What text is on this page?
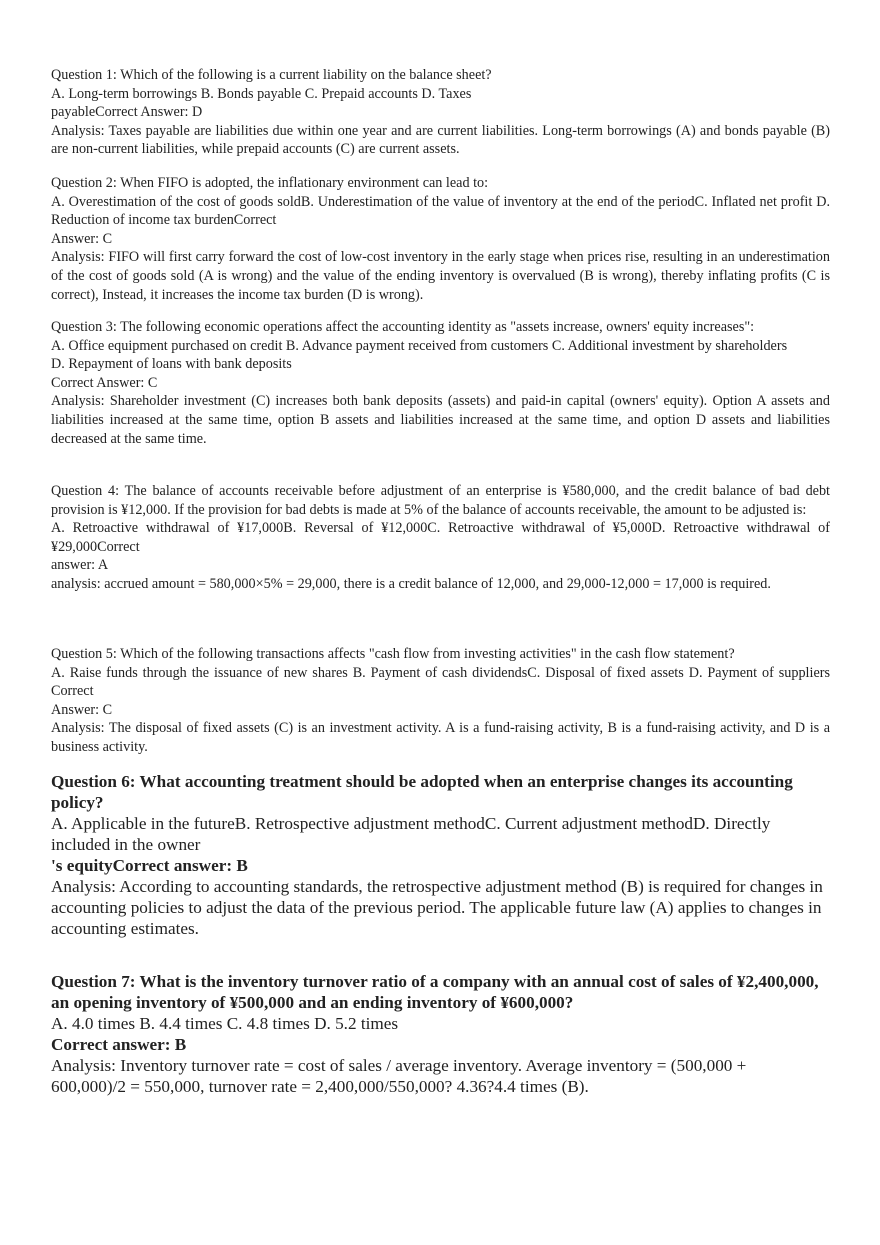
Question 1: Which of the following is a current liability on the balance sheet?
A. Long-term borrowings B. Bonds payable C. Prepaid accounts D. Taxes
payableCorrect Answer: D
Analysis: Taxes payable are liabilities due within one year and are current liabilities. Long-term borrowings (A) and bonds payable (B) are non-current liabilities, while prepaid accounts (C) are current assets.
Question 2: When FIFO is adopted, the inflationary environment can lead to:
A. Overestimation of the cost of goods soldB. Underestimation of the value of inventory at the end of the periodC. Inflated net profit D. Reduction of income tax burdenCorrect
Answer: C
Analysis: FIFO will first carry forward the cost of low-cost inventory in the early stage when prices rise, resulting in an underestimation of the cost of goods sold (A is wrong) and the value of the ending inventory is overvalued (B is wrong), thereby inflating profits (C is correct), Instead, it increases the income tax burden (D is wrong).
Question 3: The following economic operations affect the accounting identity as "assets increase, owners' equity increases":
A. Office equipment purchased on credit B. Advance payment received from customers C. Additional investment by shareholders
D. Repayment of loans with bank deposits
Correct Answer: C
Analysis: Shareholder investment (C) increases both bank deposits (assets) and paid-in capital (owners' equity). Option A assets and liabilities increased at the same time, option B assets and liabilities increased at the same time, and option D assets and liabilities decreased at the same time.
Question 4: The balance of accounts receivable before adjustment of an enterprise is ¥580,000, and the credit balance of bad debt provision is ¥12,000. If the provision for bad debts is made at 5% of the balance of accounts receivable, the amount to be adjusted is:
A. Retroactive withdrawal of ¥17,000B. Reversal of ¥12,000C. Retroactive withdrawal of ¥5,000D. Retroactive withdrawal of ¥29,000Correct
answer: A
analysis: accrued amount = 580,000×5% = 29,000, there is a credit balance of 12,000, and 29,000-12,000 = 17,000 is required.
Question 5: Which of the following transactions affects "cash flow from investing activities" in the cash flow statement?
A. Raise funds through the issuance of new shares B. Payment of cash dividendsC. Disposal of fixed assets D. Payment of suppliers Correct
Answer: C
Analysis: The disposal of fixed assets (C) is an investment activity. A is a fund-raising activity, B is a fund-raising activity, and D is a business activity.
Question 6: What accounting treatment should be adopted when an enterprise changes its accounting policy?
A. Applicable in the futureB. Retrospective adjustment methodC. Current adjustment methodD. Directly included in the owner
's equityCorrect answer: B
Analysis: According to accounting standards, the retrospective adjustment method (B) is required for changes in accounting policies to adjust the data of the previous period. The applicable future law (A) applies to changes in accounting estimates.
Question 7: What is the inventory turnover ratio of a company with an annual cost of sales of ¥2,400,000, an opening inventory of ¥500,000 and an ending inventory of ¥600,000?
A. 4.0 times B. 4.4 times C. 4.8 times D. 5.2 times
Correct answer: B
Analysis: Inventory turnover rate = cost of sales / average inventory. Average inventory = (500,000 + 600,000)/2 = 550,000, turnover rate = 2,400,000/550,000? 4.36?4.4 times (B).
